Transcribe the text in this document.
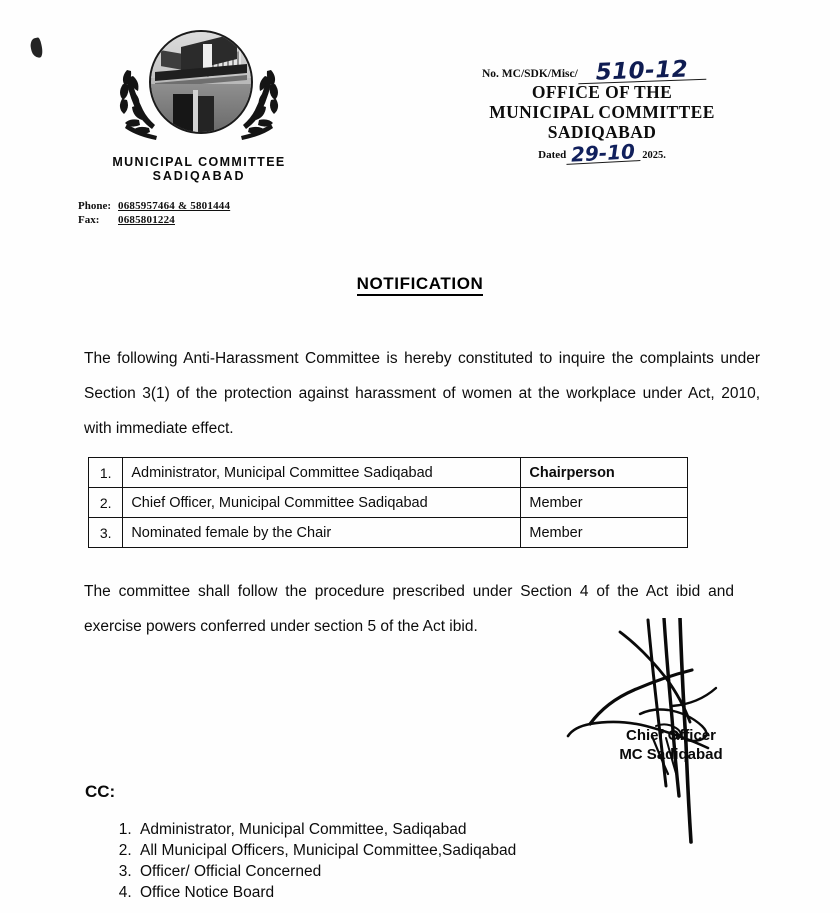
MUNICIPAL COMMITTEE
SADIQABAD
Phone: 0685957464 & 5801444
Fax:	0685801224
No. MC/SDK/Misc/ 510-12
OFFICE OF THE
MUNICIPAL COMMITTEE
SADIQABAD
Dated 29-10 2025.
NOTIFICATION
The following Anti-Harassment Committee is hereby constituted to inquire the complaints under Section 3(1) of the protection against harassment of women at the workplace under Act, 2010, with immediate effect.
1.	Administrator, Municipal Committee Sadiqabad	Chairperson
2.	Chief Officer, Municipal Committee Sadiqabad	Member
3.	Nominated female by the Chair	Member
The committee shall follow the procedure prescribed under Section 4 of the Act ibid and exercise powers conferred under section 5 of the Act ibid.
Chief Officer
MC Sadiqabad
CC:
1. Administrator, Municipal Committee, Sadiqabad
2. All Municipal Officers, Municipal Committee,Sadiqabad
3. Officer/ Official Concerned
4. Office Notice Board
